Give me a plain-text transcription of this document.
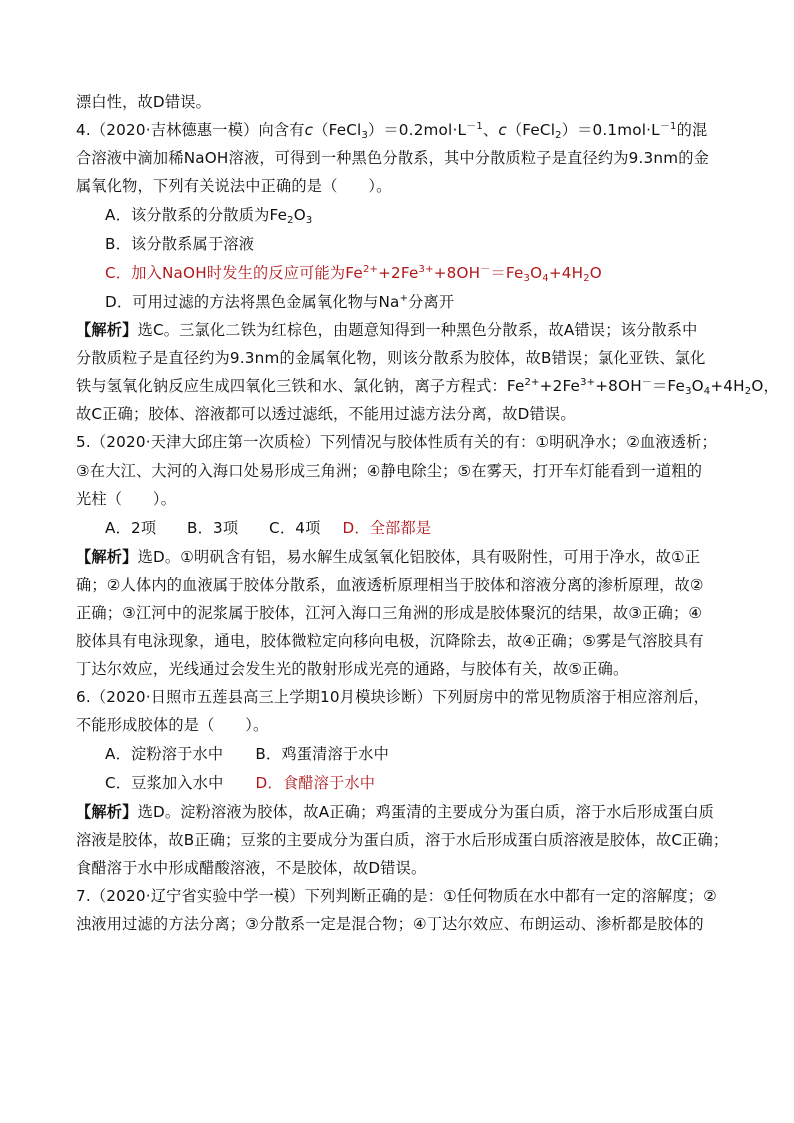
漂白性，故D错误。
4.（2020·吉林德惠一模）向含有$c(FeCl_3)=0.2mol\cdot L^{-1}$、$c(FeCl_2)=0.1mol\cdot L^{-1}$的混
合溶液中滴加稀NaOH溶液，可得到一种黑色分散系，其中分散质粒子是直径约为9.3nm的金
属氧化物，下列有关说法中正确的是（　　）。
A．该分散系的分散质为$Fe_2O_3$
B．该分散系属于溶液
C．加入NaOH时发生的反应可能为$Fe^{2+}+2Fe^{3+}+8OH^-=Fe_3O_4+4H_2O$
D．可用过滤的方法将黑色金属氧化物与Na+分离开
【解析】选C。三氯化二铁为红棕色，由题意知得到一种黑色分散系，故A错误；该分散系中
分散质粒子是直径约为9.3nm的金属氧化物，则该分散系为胶体，故B错误；氯化亚铁、氯化
铁与氢氧化钠反应生成四氧化三铁和水、氯化钠，离子方程式：$Fe^{2+}+2Fe^{3+}+8OH^-=Fe_3O_4+4H_2O$，
故C正确；胶体、溶液都可以透过滤纸，不能用过滤方法分离，故D错误。
5.（2020·天津大邱庄第一次质检）下列情况与胶体性质有关的有：①明矾净水；②血液透析；
③在大江、大河的入海口处易形成三角洲；④静电除尘；⑤在雾天，打开车灯能看到一道粗的
光柱（　　）。
A．2项　　B．3项　　C．4项 D．全部都是
【解析】选D。①明矾含有铝，易水解生成氢氧化铝胶体，具有吸附性，可用于净水，故①正
确；②人体内的血液属于胶体分散系，血液透析原理相当于胶体和溶液分离的渗析原理，故②
正确；③江河中的泥浆属于胶体，江河入海口三角洲的形成是胶体聚沉的结果，故③正确；④
胶体具有电泳现象，通电，胶体微粒定向移向电极，沉降除去，故④正确；⑤雾是气溶胶具有
丁达尔效应，光线通过会发生光的散射形成光亮的通路，与胶体有关，故⑤正确。
6.（2020·日照市五莲县高三上学期10月模块诊断）下列厨房中的常见物质溶于相应溶剂后，
不能形成胶体的是（　　）。
A．淀粉溶于水中 B．鸡蛋清溶于水中
C．豆浆加入水中 D．食醋溶于水中
【解析】选D。淀粉溶液为胶体，故A正确；鸡蛋清的主要成分为蛋白质，溶于水后形成蛋白质
溶液是胶体，故B正确；豆浆的主要成分为蛋白质，溶于水后形成蛋白质溶液是胶体，故C正确；
食醋溶于水中形成醋酸溶液，不是胶体，故D错误。
7.（2020·辽宁省实验中学一模）下列判断正确的是：①任何物质在水中都有一定的溶解度；②
浊液用过滤的方法分离；③分散系一定是混合物；④丁达尔效应、布朗运动、渗析都是胶体的
